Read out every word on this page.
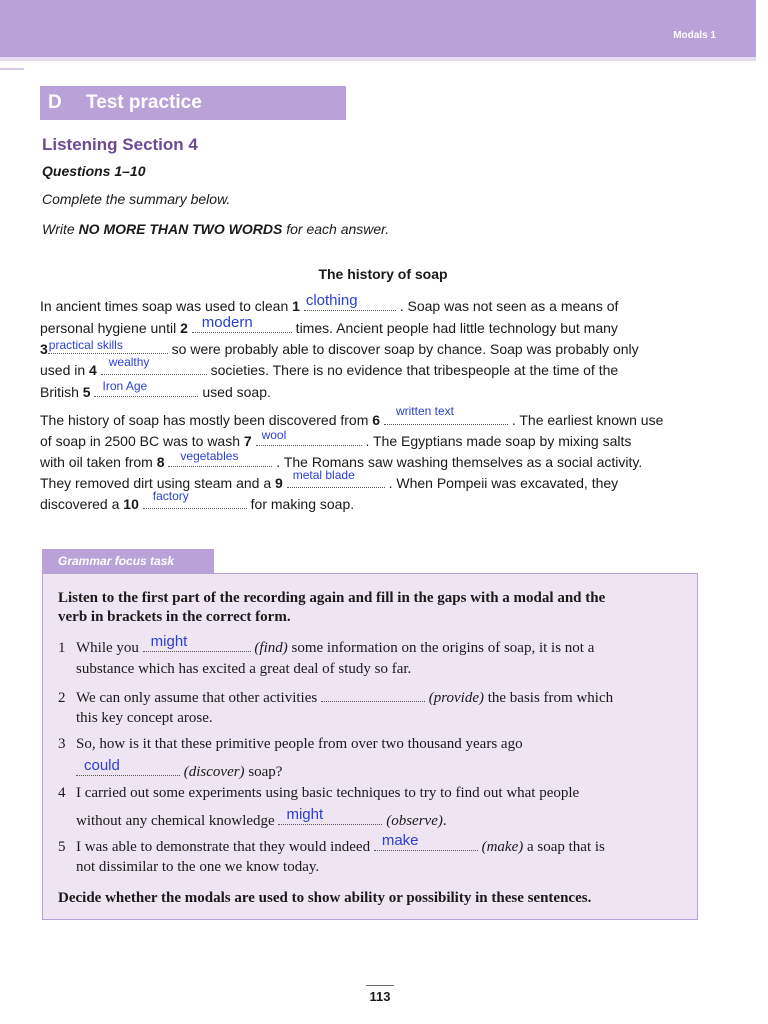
Modals 1
D Test practice
Listening Section 4
Questions 1–10
Complete the summary below.
Write NO MORE THAN TWO WORDS for each answer.
The history of soap
In ancient times soap was used to clean 1 clothing	. Soap was not seen as a means of
personal hygiene until 2 modern	times. Ancient people had little technology but many
3 practical skills	so were probably able to discover soap by chance. Soap was probably only
used in 4 wealthy	societies. There is no evidence that tribespeople at the time of the
British 5 Iron Age	used soap.
The history of soap has mostly been discovered from 6
written text
. The earliest known use
of soap in 2500 BC was to wash 7 wool	. The Egyptians made soap by mixing salts
with oil taken from 8 vegetables . The Romans saw washing themselves as a social activity.
They removed dirt using steam and a 9 metal blade . When Pompeii was excavated, they
discovered a 10 factory	for making soap.
Grammar focus task
Listen to the first part of the recording again and fill in the gaps with a modal and the
verb in brackets in the correct form.
1 While you might	(find) some information on the origins of soap, it is not a
substance which has excited a great deal of study so far.
2 We can only assume that other activities	(provide) the basis from which
this key concept arose.
3 So, how is it that these primitive people from over two thousand years ago
could	(discover) soap?
4 I carried out some experiments using basic techniques to try to find out what people
without any chemical knowledge might	(observe).
5 I was able to demonstrate that they would indeed make	(make) a soap that is
not dissimilar to the one we know today.
Decide whether the modals are used to show ability or possibility in these sentences.
113
